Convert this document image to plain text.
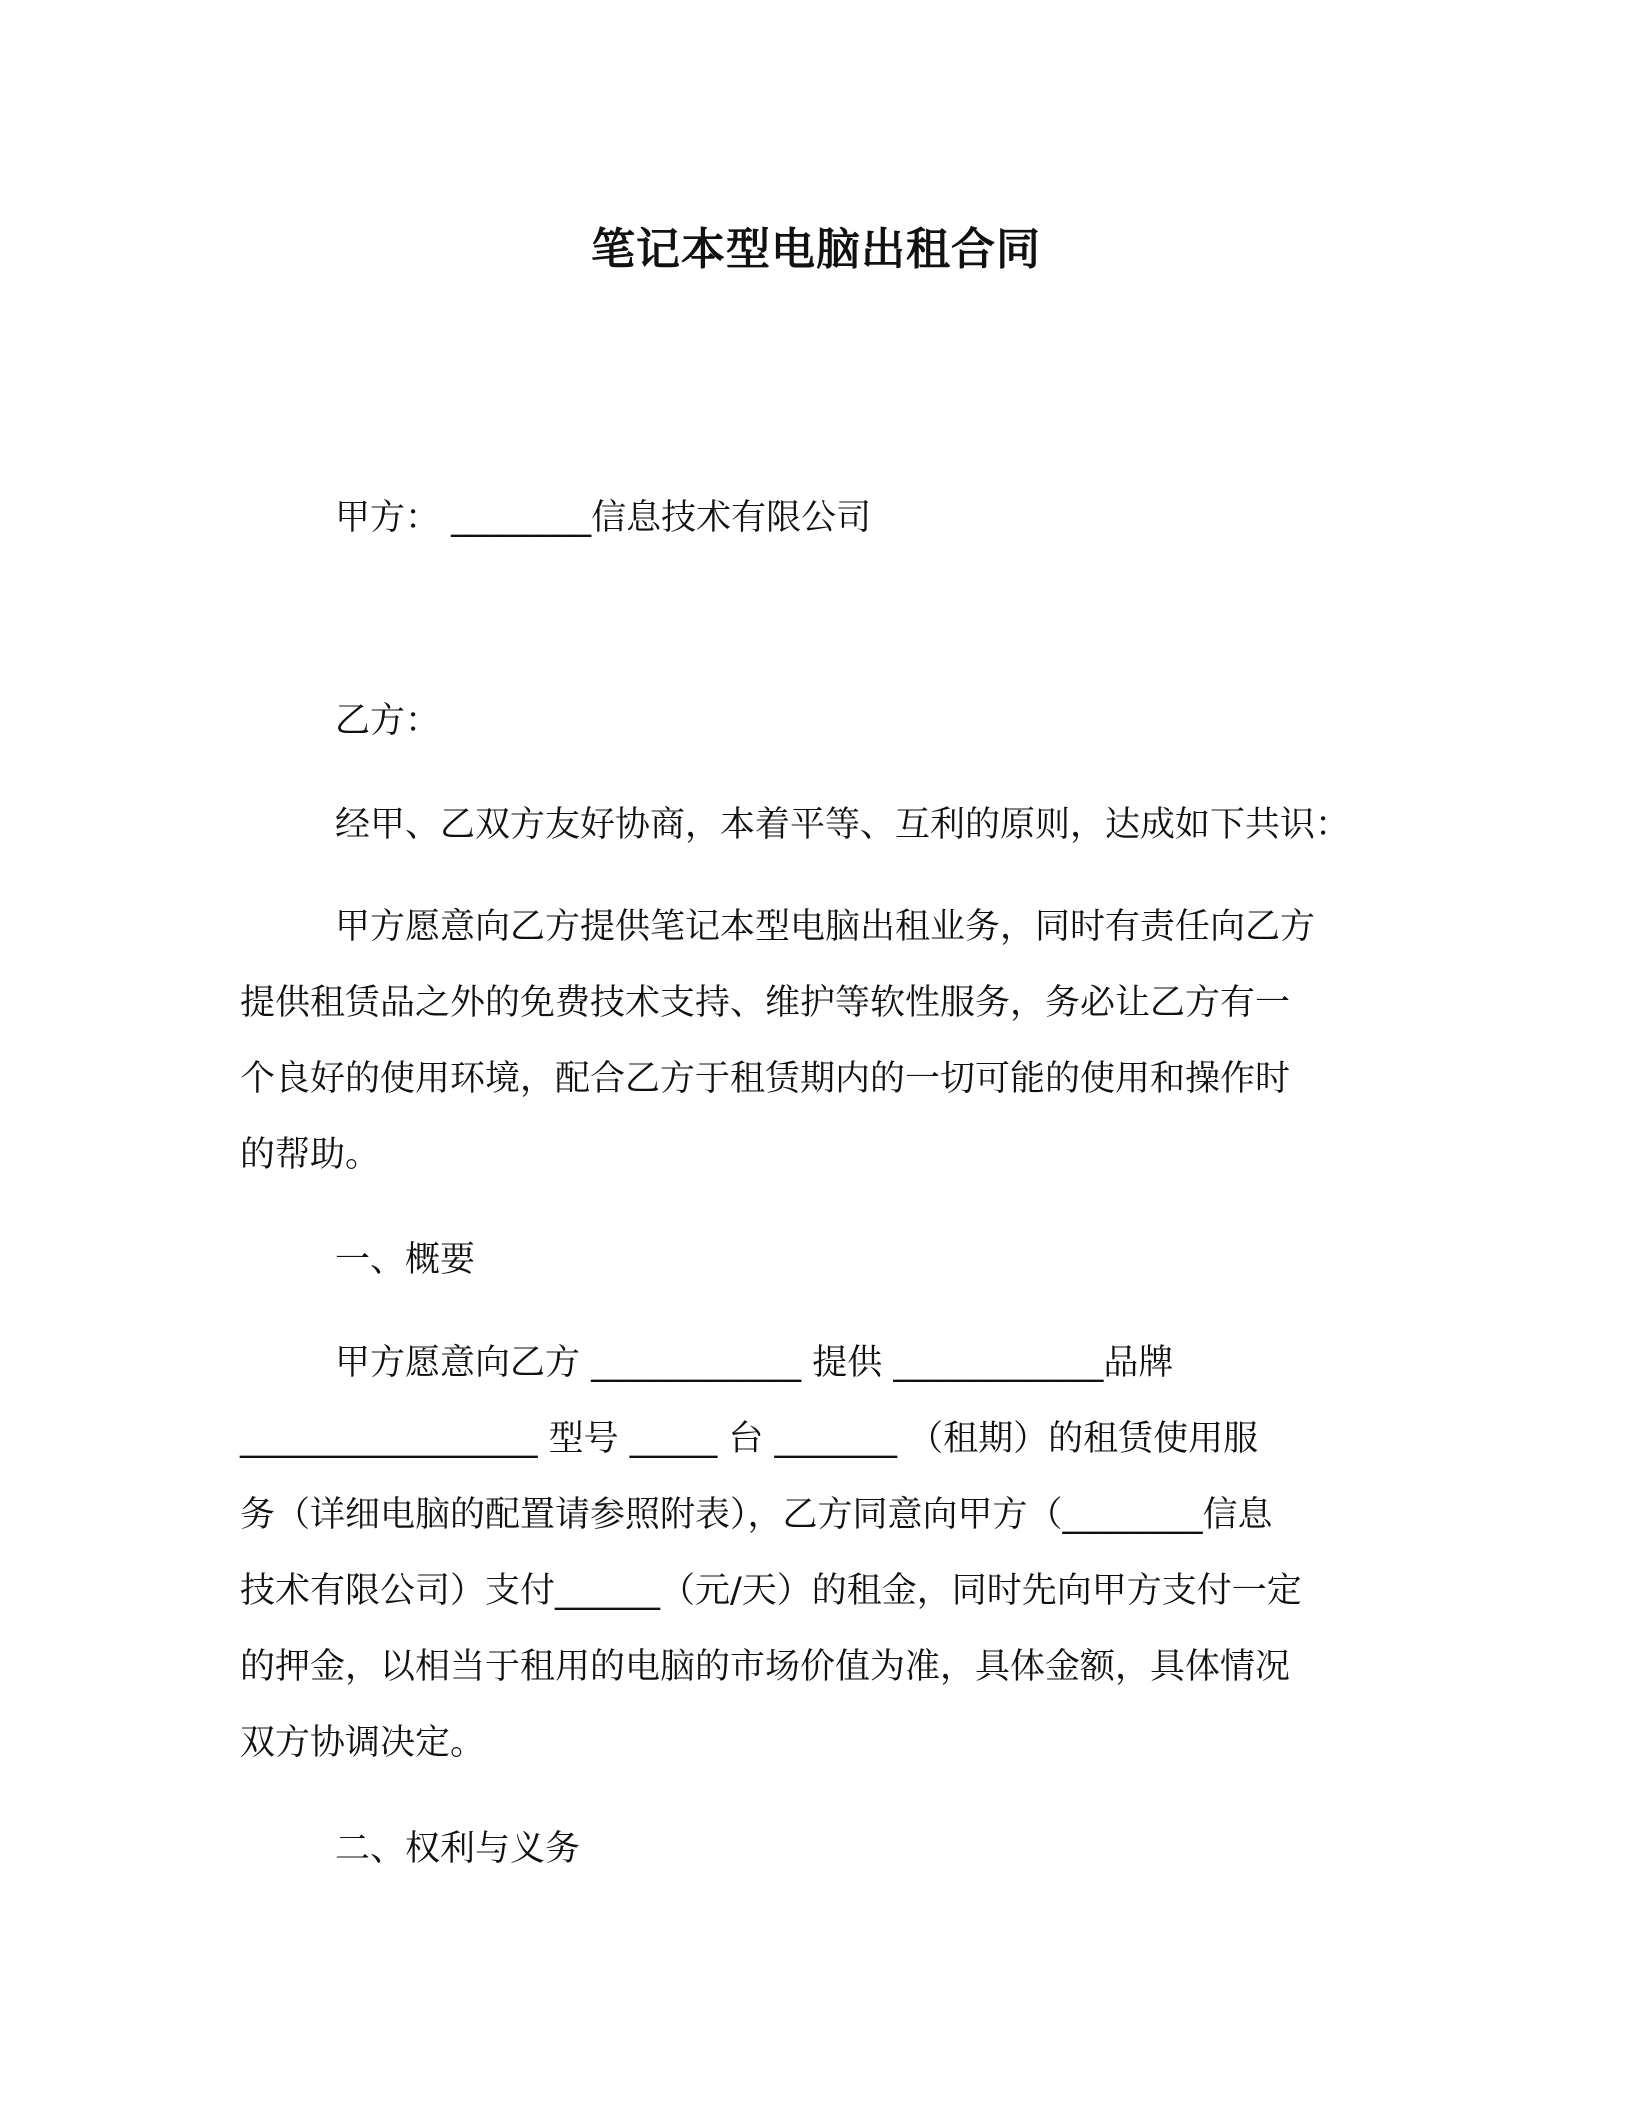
笔记本型电脑出租合同
甲方： ________信息技术有限公司
乙方：
经甲、乙双方友好协商，本着平等、互利的原则，达成如下共识：
甲方愿意向乙方提供笔记本型电脑出租业务，同时有责任向乙方
提供租赁品之外的免费技术支持、维护等软性服务，务必让乙方有一
个良好的使用环境，配合乙方于租赁期内的一切可能的使用和操作时
的帮助。
一、概要
甲方愿意向乙方 ____________ 提供 ____________品牌
_________________ 型号 _____ 台 _______ （租期）的租赁使用服
务（详细电脑的配置请参照附表），乙方同意向甲方（________信息
技术有限公司）支付______（元/天）的租金，同时先向甲方支付一定
的押金，以相当于租用的电脑的市场价值为准，具体金额，具体情况
双方协调决定。
二、权利与义务
